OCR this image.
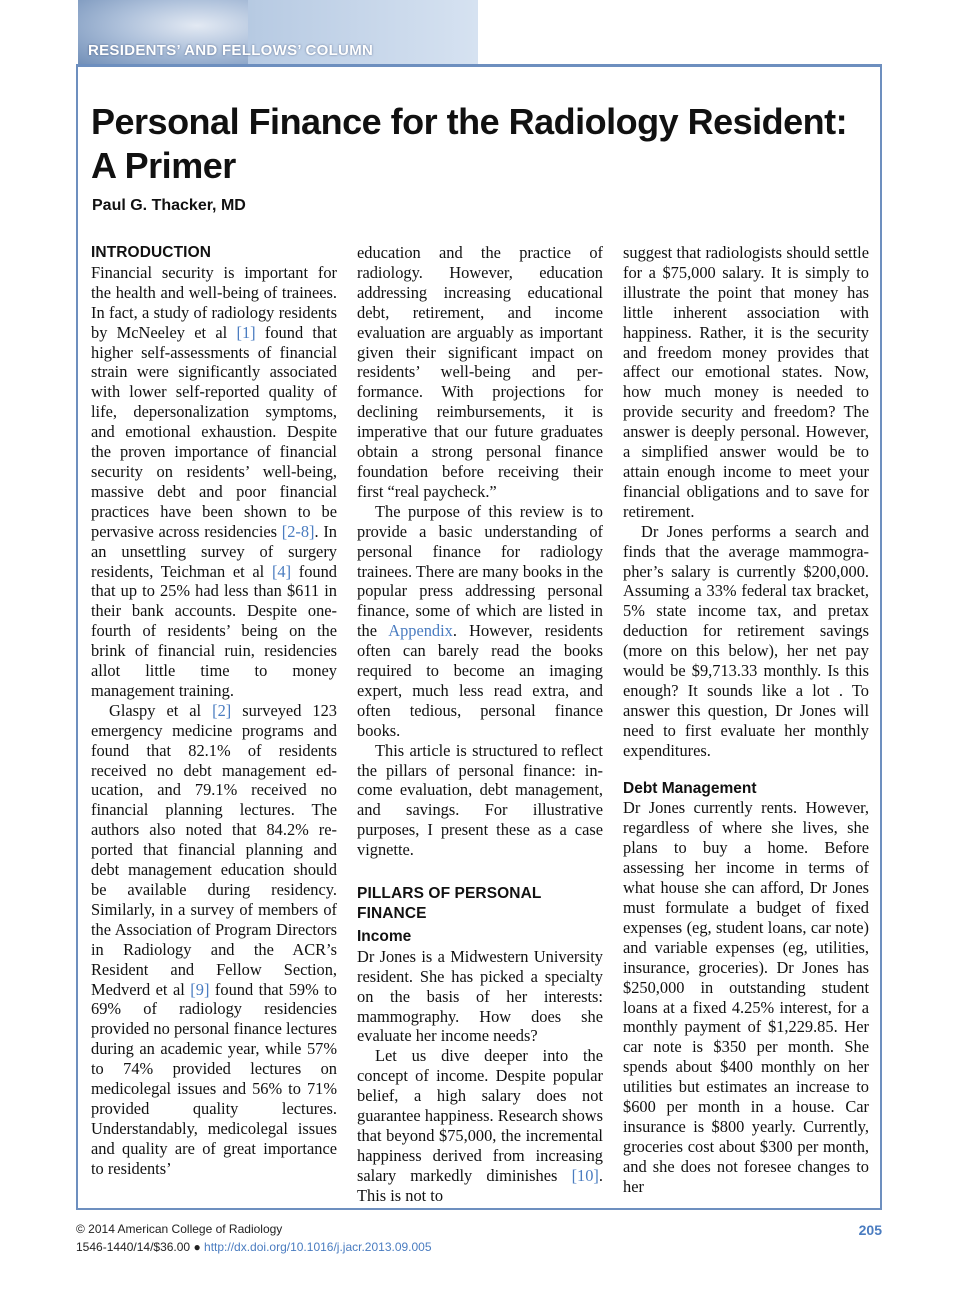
RESIDENTS’ AND FELLOWS’ COLUMN
Personal Finance for the Radiology Resident:
A Primer
Paul G. Thacker, MD
INTRODUCTION

Financial security is important for the health and well-being of trainees. In fact, a study of radiology residents by McNeeley et al [1] found that higher self-assessments of financial strain were significantly associated with lower self-reported quality of life, depersonalization symptoms, and emotional exhaustion. Despite the proven importance of financial security on residents’ well-being, massive debt and poor financial practices have been shown to be pervasive across residencies [2-8]. In an unsettling survey of surgery residents, Teichman et al [4] found that up to 25% had less than $611 in their bank accounts. Despite one-fourth of residents’ being on the brink of financial ruin, residencies allot little time to money management training.

Glaspy et al [2] surveyed 123 emergency medicine programs and found that 82.1% of residents received no debt management education, and 79.1% received no financial planning lectures. The authors also noted that 84.2% reported that financial planning and debt management education should be available during residency. Similarly, in a survey of members of the Association of Program Directors in Radiology and the ACR’s Resident and Fellow Section, Medverd et al [9] found that 59% to 69% of radiology residencies provided no personal finance lectures during an academic year, while 57% to 74% provided lectures on medicolegal issues and 56% to 71% provided quality lectures. Understandably, medicolegal issues and quality are of great importance to residents’

education and the practice of radiology. However, education addressing increasing educational debt, retirement, and income evaluation are arguably as important given their significant impact on residents’ well-being and performance. With projections for declining reimbursements, it is imperative that our future graduates obtain a strong personal finance foundation before receiving their first “real paycheck.”

The purpose of this review is to provide a basic understanding of personal finance for radiology trainees. There are many books in the popular press addressing personal finance, some of which are listed in the Appendix. However, residents often can barely read the books required to become an imaging expert, much less read extra, and often tedious, personal finance books.

This article is structured to reflect the pillars of personal finance: income evaluation, debt management, and savings. For illustrative purposes, I present these as a case vignette.

PILLARS OF PERSONAL FINANCE
Income

Dr Jones is a Midwestern University resident. She has picked a specialty on the basis of her interests: mammography. How does she evaluate her income needs?

Let us dive deeper into the concept of income. Despite popular belief, a high salary does not guarantee happiness. Research shows that beyond $75,000, the incremental happiness derived from increasing salary markedly diminishes [10]. This is not to

suggest that radiologists should settle for a $75,000 salary. It is simply to illustrate the point that money has little inherent association with happiness. Rather, it is the security and freedom money provides that affect our emotional states. Now, how much money is needed to provide security and freedom? The answer is deeply personal. However, a simplified answer would be to attain enough income to meet your financial obligations and to save for retirement.

Dr Jones performs a search and finds that the average mammographer’s salary is currently $200,000. Assuming a 33% federal tax bracket, 5% state income tax, and pretax deduction for retirement savings (more on this below), her net pay would be $9,713.33 monthly. Is this enough? It sounds like a lot . To answer this question, Dr Jones will need to first evaluate her monthly expenditures.

Debt Management

Dr Jones currently rents. However, regardless of where she lives, she plans to buy a home. Before assessing her income in terms of what house she can afford, Dr Jones must formulate a budget of fixed expenses (eg, student loans, car note) and variable expenses (eg, utilities, insurance, groceries). Dr Jones has $250,000 in outstanding student loans at a fixed 4.25% interest, for a monthly payment of $1,229.85. Her car note is $350 per month. She spends about $400 monthly on her utilities but estimates an increase to $600 per month in a house. Car insurance is $800 yearly. Currently, groceries cost about $300 per month, and she does not foresee changes to her

© 2014 American College of Radiology
1546-1440/14/$36.00 ● http://dx.doi.org/10.1016/j.jacr.2013.09.005
205
